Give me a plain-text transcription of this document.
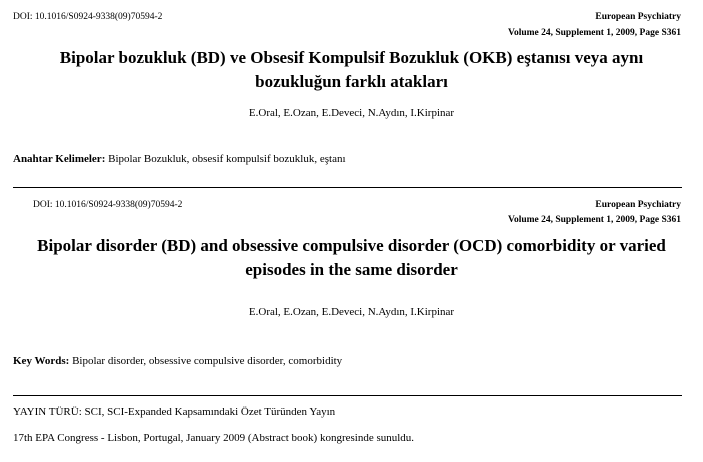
DOI: 10.1016/S0924-9338(09)70594-2	European Psychiatry
Volume 24, Supplement 1, 2009, Page S361
Bipolar bozukluk (BD) ve Obsesif Kompulsif Bozukluk (OKB) eştanısı veya aynı
bozukluğun farklı atakları
E.Oral, E.Ozan, E.Deveci, N.Aydın, I.Kirpinar
Anahtar Kelimeler: Bipolar Bozukluk, obsesif kompulsif bozukluk, eştanı
DOI: 10.1016/S0924-9338(09)70594-2	European Psychiatry
Volume 24, Supplement 1, 2009, Page S361
Bipolar disorder (BD) and obsessive compulsive disorder (OCD) comorbidity or varied
episodes in the same disorder
E.Oral, E.Ozan, E.Deveci, N.Aydın, I.Kirpinar
Key Words: Bipolar disorder, obsessive compulsive disorder, comorbidity
YAYIN TÜRÜ: SCI, SCI-Expanded Kapsamındaki Özet Türünden Yayın
17th EPA Congress - Lisbon, Portugal, January 2009 (Abstract book) kongresinde sunuldu.
